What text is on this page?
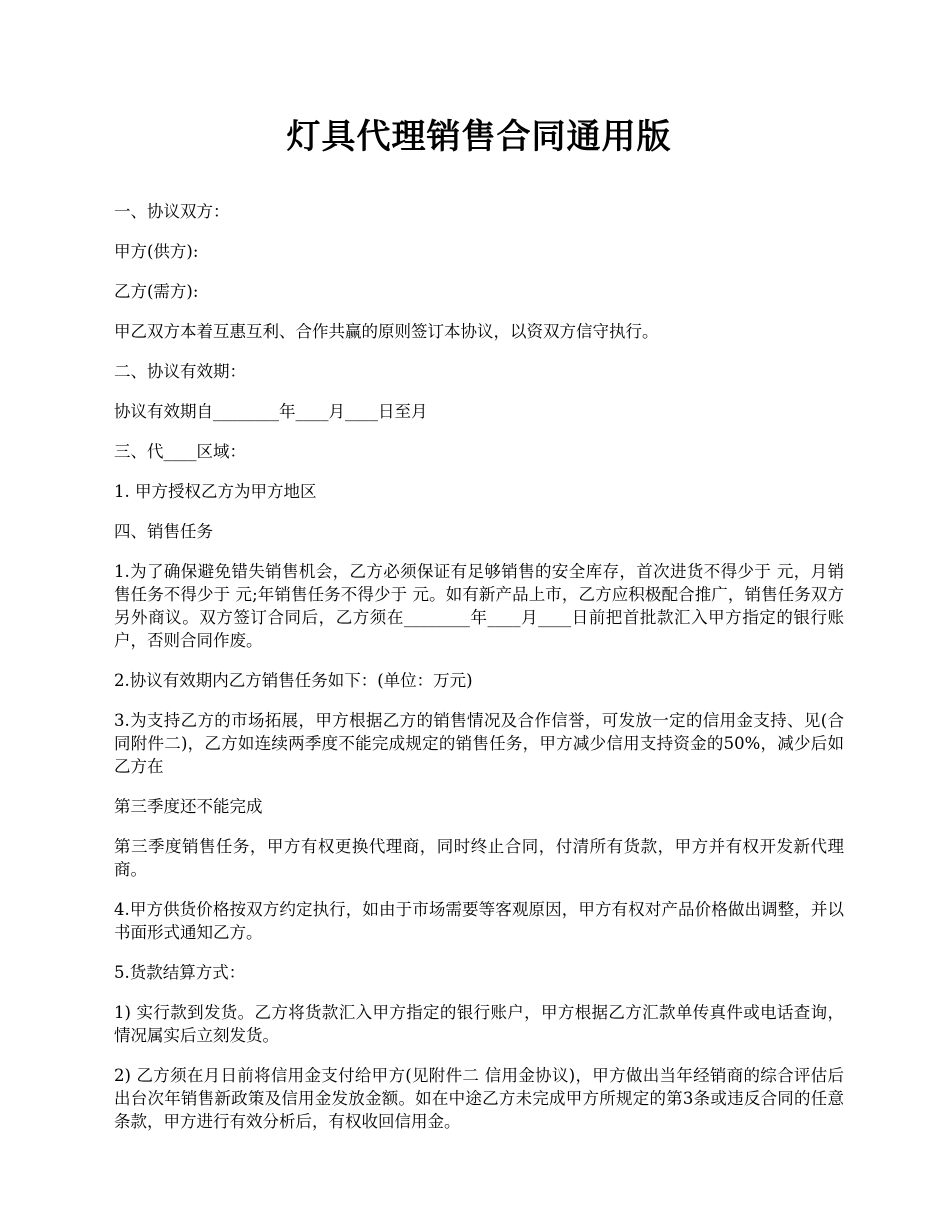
灯具代理销售合同通用版

一、协议双方：

甲方(供方):

乙方(需方):

甲乙双方本着互惠互利、合作共赢的原则签订本协议，以资双方信守执行。

二、协议有效期：

协议有效期自________年____月____日至月

三、代____区域：

1. 甲方授权乙方为甲方地区

四、销售任务

1.为了确保避免错失销售机会，乙方必须保证有足够销售的安全库存，首次进货不得少于 元，月销售任务不得少于 元;年销售任务不得少于 元。如有新产品上市，乙方应积极配合推广，销售任务双方另外商议。双方签订合同后，乙方须在________年____月____日前把首批款汇入甲方指定的银行账户，否则合同作废。

2.协议有效期内乙方销售任务如下：(单位：万元)

3.为支持乙方的市场拓展，甲方根据乙方的销售情况及合作信誉，可发放一定的信用金支持、见(合同附件二)，乙方如连续两季度不能完成规定的销售任务，甲方减少信用支持资金的50%，减少后如乙方在

第三季度还不能完成

第三季度销售任务，甲方有权更换代理商，同时终止合同，付清所有货款，甲方并有权开发新代理商。

4.甲方供货价格按双方约定执行，如由于市场需要等客观原因，甲方有权对产品价格做出调整，并以书面形式通知乙方。

5.货款结算方式：

1) 实行款到发货。乙方将货款汇入甲方指定的银行账户，甲方根据乙方汇款单传真件或电话查询，情况属实后立刻发货。

2) 乙方须在月日前将信用金支付给甲方(见附件二 信用金协议)，甲方做出当年经销商的综合评估后出台次年销售新政策及信用金发放金额。如在中途乙方未完成甲方所规定的第3条或违反合同的任意条款，甲方进行有效分析后，有权收回信用金。
